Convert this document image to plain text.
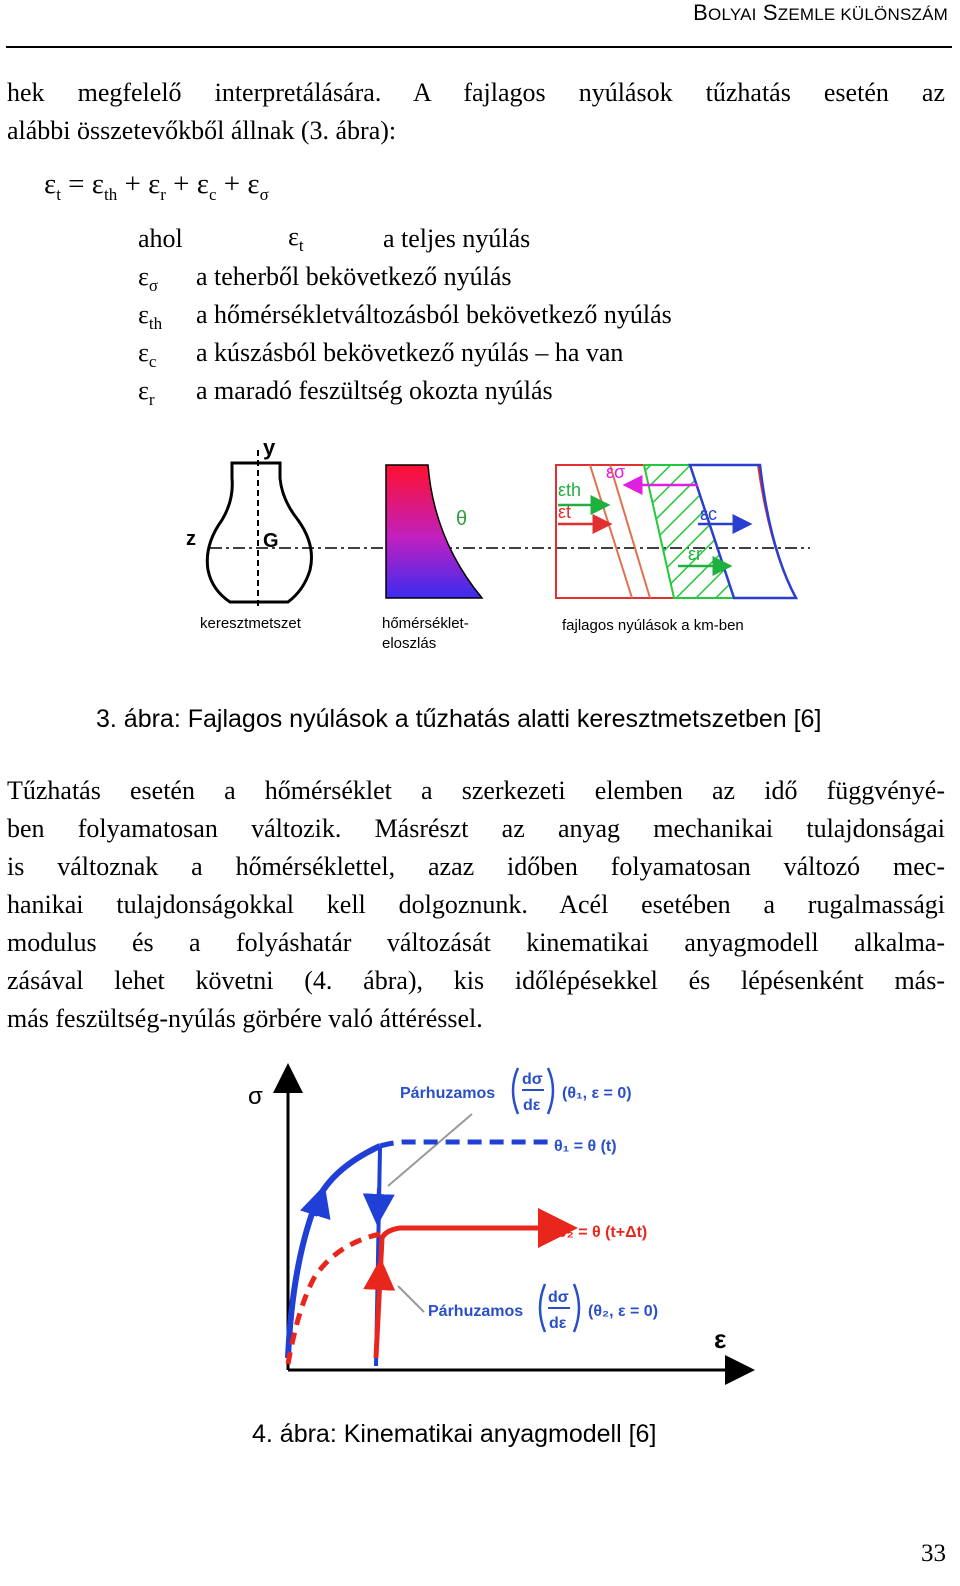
BOLYAI SZEMLE KÜLÖNSZÁM
hek megfelelő interpretálására. A fajlagos nyúlások tűzhatás esetén az
alábbi összetevőkből állnak (3. ábra):
$\varepsilon_t = \varepsilon_{th} + \varepsilon_r + \varepsilon_c + \varepsilon_\sigma$
ahol	$\varepsilon_t$	a teljes nyúlás
$\varepsilon_\sigma$ a teherből bekövetkező nyúlás
$\varepsilon_{th}$ a hőmérsékletváltozásból bekövetkező nyúlás
$\varepsilon_c$ a kúszásból bekövetkező nyúlás – ha van
$\varepsilon_r$ a maradó feszültség okozta nyúlás
y
z	G
θ
εσ
εth
εt	εc
εr
keresztmetszet	hőmérséklet-
eloszlás
fajlagos nyúlások a km-ben
3. ábra: Fajlagos nyúlások a tűzhatás alatti keresztmetszetben [6]
Tűzhatás esetén a hőmérséklet a szerkezeti elemben az idő függvényé-
ben folyamatosan változik. Másrészt az anyag mechanikai tulajdonságai
is változnak a hőmérséklettel, azaz időben folyamatosan változó mec-
hanikai tulajdonságokkal kell dolgoznunk. Acél esetében a rugalmassági
modulus és a folyáshatár változását kinematikai anyagmodell alkalma-
zásával lehet követni (4. ábra), kis időlépésekkel és lépésenként más-
más feszültség-nyúlás görbére való áttéréssel.
σ
ε
Párhuzamos
dσ
dε
(θ₁, ε = 0)
θ₁ = θ (t)
θ₂ = θ (t+Δt)
Párhuzamos
dσ
dε
(θ₂, ε = 0)
4. ábra: Kinematikai anyagmodell [6]
33
